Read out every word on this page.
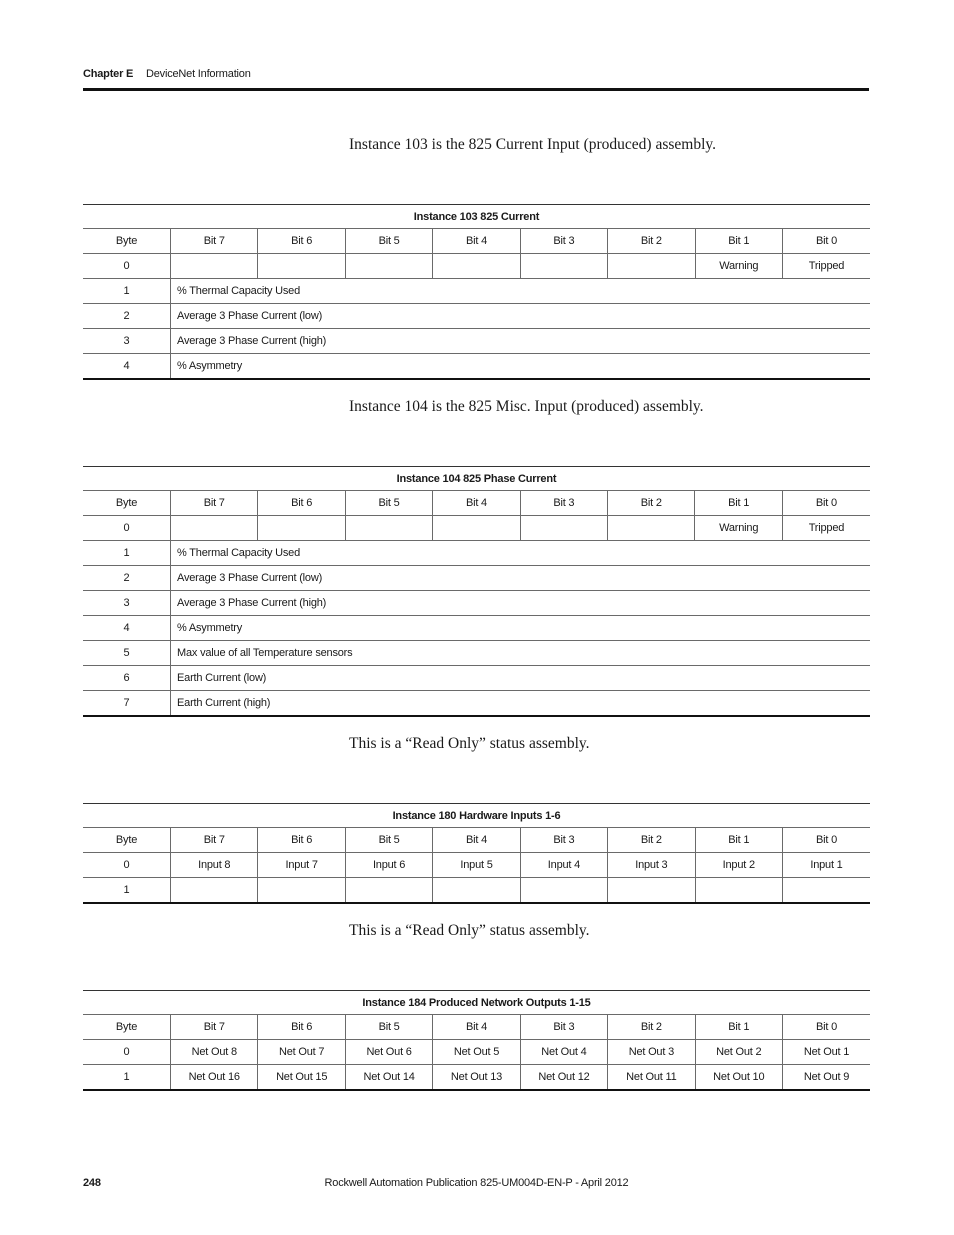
Chapter E DeviceNet Information
Instance 103 is the 825 Current Input (produced) assembly.
Instance 103 825 Current								
Byte	Bit 7	Bit 6	Bit 5	Bit 4	Bit 3	Bit 2	Bit 1	Bit 0
0							Warning	Tripped
1	% Thermal Capacity Used							
2	Average 3 Phase Current (low)							
3	Average 3 Phase Current (high)							
4	% Asymmetry							
Instance 104 is the 825 Misc. Input (produced) assembly.
Instance 104 825 Phase Current								
Byte	Bit 7	Bit 6	Bit 5	Bit 4	Bit 3	Bit 2	Bit 1	Bit 0
0							Warning	Tripped
1	% Thermal Capacity Used							
2	Average 3 Phase Current (low)							
3	Average 3 Phase Current (high)							
4	% Asymmetry							
5	Max value of all Temperature sensors							
6	Earth Current (low)							
7	Earth Current (high)							
This is a “Read Only” status assembly.
Instance 180 Hardware Inputs 1-6								
Byte	Bit 7	Bit 6	Bit 5	Bit 4	Bit 3	Bit 2	Bit 1	Bit 0
0	Input 8	Input 7	Input 6	Input 5	Input 4	Input 3	Input 2	Input 1
1								
This is a “Read Only” status assembly.
Instance 184 Produced Network Outputs 1-15								
Byte	Bit 7	Bit 6	Bit 5	Bit 4	Bit 3	Bit 2	Bit 1	Bit 0
0	Net Out 8	Net Out 7	Net Out 6	Net Out 5	Net Out 4	Net Out 3	Net Out 2	Net Out 1
1	Net Out 16	Net Out 15	Net Out 14	Net Out 13	Net Out 12	Net Out 11	Net Out 10	Net Out 9
248	Rockwell Automation Publication 825-UM004D-EN-P - April 2012
